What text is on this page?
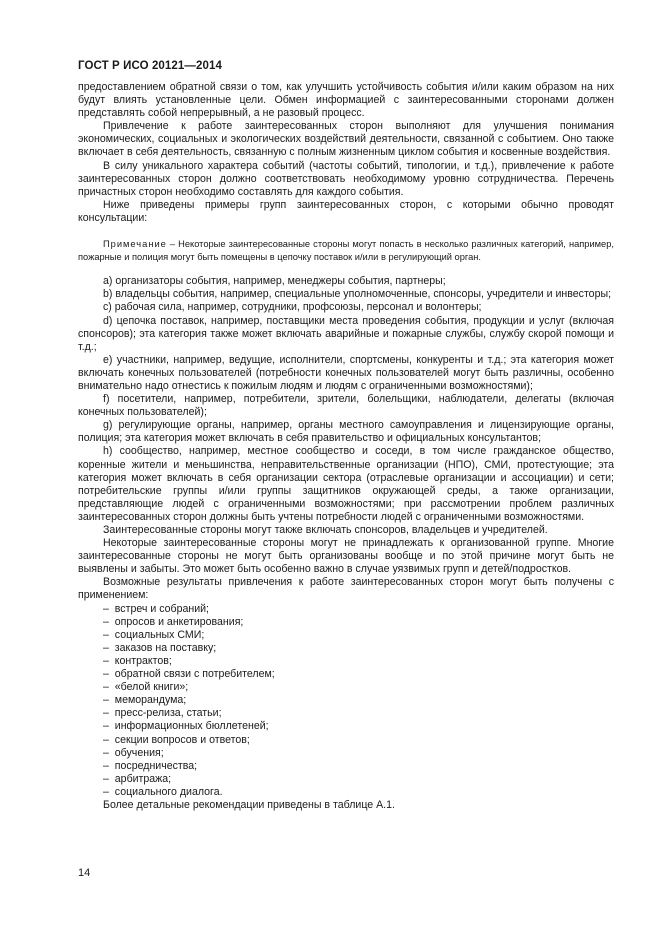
ГОСТ Р ИСО 20121—2014

предоставлением обратной связи о том, как улучшить устойчивость события и/или каким образом на них будут влиять установленные цели. Обмен информацией с заинтересованными сторонами должен представлять собой непрерывный, а не разовый процесс.

Привлечение к работе заинтересованных сторон выполняют для улучшения понимания экономических, социальных и экологических воздействий деятельности, связанной с событием. Оно также включает в себя деятельность, связанную с полным жизненным циклом события и косвенные воздействия.

В силу уникального характера событий (частоты событий, типологии, и т.д.), привлечение к работе заинтересованных сторон должно соответствовать необходимому уровню сотрудничества. Перечень причастных сторон необходимо составлять для каждого события.

Ниже приведены примеры групп заинтересованных сторон, с которыми обычно проводят консультации:

Примечание – Некоторые заинтересованные стороны могут попасть в несколько различных категорий, например, пожарные и полиция могут быть помещены в цепочку поставок и/или в регулирующий орган.

a) организаторы события, например, менеджеры события, партнеры;

b) владельцы события, например, специальные уполномоченные, спонсоры, учредители и инвесторы;

c) рабочая сила, например, сотрудники, профсоюзы, персонал и волонтеры;

d) цепочка поставок, например, поставщики места проведения события, продукции и услуг (включая спонсоров); эта категория также может включать аварийные и пожарные службы, службу скорой помощи и т.д.;

e) участники, например, ведущие, исполнители, спортсмены, конкуренты и т.д.; эта категория может включать конечных пользователей (потребности конечных пользователей могут быть различны, особенно внимательно надо отнестись к пожилым людям и людям с ограниченными возможностями);

f) посетители, например, потребители, зрители, болельщики, наблюдатели, делегаты (включая конечных пользователей);

g) регулирующие органы, например, органы местного самоуправления и лицензирующие органы, полиция; эта категория может включать в себя правительство и официальных консультантов;

h) сообщество, например, местное сообщество и соседи, в том числе гражданское общество, коренные жители и меньшинства, неправительственные организации (НПО), СМИ, протестующие; эта категория может включать в себя организации сектора (отраслевые организации и ассоциации) и сети; потребительские группы и/или группы защитников окружающей среды, а также организации, представляющие людей с ограниченными возможностями; при рассмотрении проблем различных заинтересованных сторон должны быть учтены потребности людей с ограниченными возможностями.

Заинтересованные стороны могут также включать спонсоров, владельцев и учредителей.

Некоторые заинтересованные стороны могут не принадлежать к организованной группе. Многие заинтересованные стороны не могут быть организованы вообще и по этой причине могут быть не выявлены и забыты. Это может быть особенно важно в случае уязвимых групп и детей/подростков.

Возможные результаты привлечения к работе заинтересованных сторон могут быть получены с применением:

–  встреч и собраний;

–  опросов и анкетирования;

–  социальных СМИ;

–  заказов на поставку;

–  контрактов;

–  обратной связи с потребителем;

–  «белой книги»;

–  меморандума;

–  пресс-релиза, статьи;

–  информационных бюллетеней;

–  секции вопросов и ответов;

–  обучения;

–  посредничества;

–  арбитража;

–  социального диалога.

Более детальные рекомендации приведены в таблице А.1.

14
